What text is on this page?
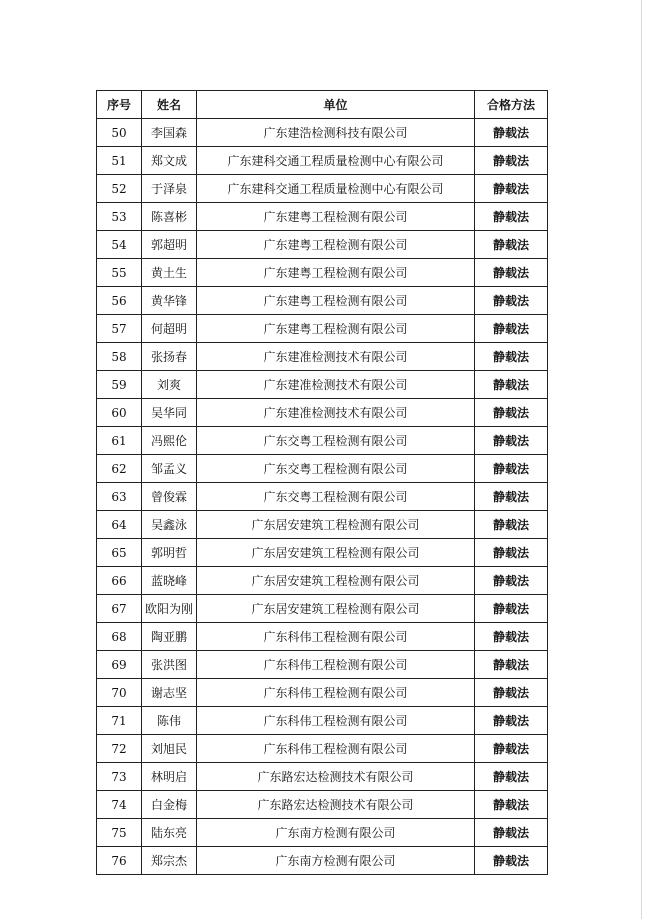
序号	姓名	单位	合格方法
50	李国森	广东建浩检测科技有限公司	静载法
51	郑文成	广东建科交通工程质量检测中心有限公司	静载法
52	于泽泉	广东建科交通工程质量检测中心有限公司	静载法
53	陈喜彬	广东建粤工程检测有限公司	静载法
54	郭超明	广东建粤工程检测有限公司	静载法
55	黄土生	广东建粤工程检测有限公司	静载法
56	黄华锋	广东建粤工程检测有限公司	静载法
57	何超明	广东建粤工程检测有限公司	静载法
58	张扬春	广东建准检测技术有限公司	静载法
59	刘爽	广东建准检测技术有限公司	静载法
60	吴华同	广东建准检测技术有限公司	静载法
61	冯熙伦	广东交粤工程检测有限公司	静载法
62	邹孟义	广东交粤工程检测有限公司	静载法
63	曾俊霖	广东交粤工程检测有限公司	静载法
64	吴鑫泳	广东居安建筑工程检测有限公司	静载法
65	郭明哲	广东居安建筑工程检测有限公司	静载法
66	蓝晓峰	广东居安建筑工程检测有限公司	静载法
67	欧阳为刚	广东居安建筑工程检测有限公司	静载法
68	陶亚鹏	广东科伟工程检测有限公司	静载法
69	张洪图	广东科伟工程检测有限公司	静载法
70	谢志坚	广东科伟工程检测有限公司	静载法
71	陈伟	广东科伟工程检测有限公司	静载法
72	刘旭民	广东科伟工程检测有限公司	静载法
73	林明启	广东路宏达检测技术有限公司	静载法
74	白金梅	广东路宏达检测技术有限公司	静载法
75	陆东亮	广东南方检测有限公司	静载法
76	郑宗杰	广东南方检测有限公司	静载法
